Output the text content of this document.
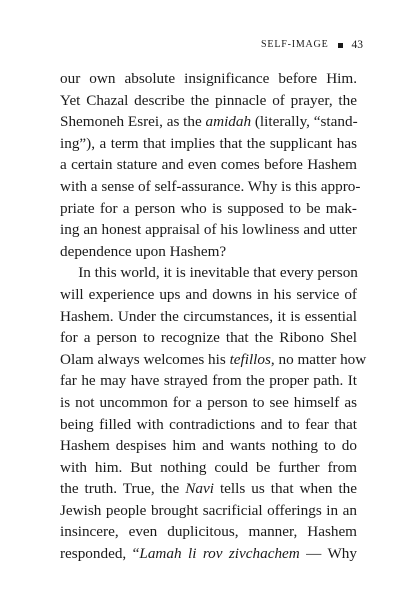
SELF-IMAGE 43

our own absolute insignificance before Him.
Yet Chazal describe the pinnacle of prayer, the
Shemoneh Esrei, as the amidah (literally, “stand-
ing”), a term that implies that the supplicant has
a certain stature and even comes before Hashem
with a sense of self-assurance. Why is this appro-
priate for a person who is supposed to be mak-
ing an honest appraisal of his lowliness and utter
dependence upon Hashem?

In this world, it is inevitable that every person
will experience ups and downs in his service of
Hashem. Under the circumstances, it is essential
for a person to recognize that the Ribono Shel
Olam always welcomes his tefillos, no matter how
far he may have strayed from the proper path. It
is not uncommon for a person to see himself as
being filled with contradictions and to fear that
Hashem despises him and wants nothing to do
with him. But nothing could be further from
the truth. True, the Navi tells us that when the
Jewish people brought sacrificial offerings in an
insincere, even duplicitous, manner, Hashem
responded, “Lamah li rov zivchachem — Why
